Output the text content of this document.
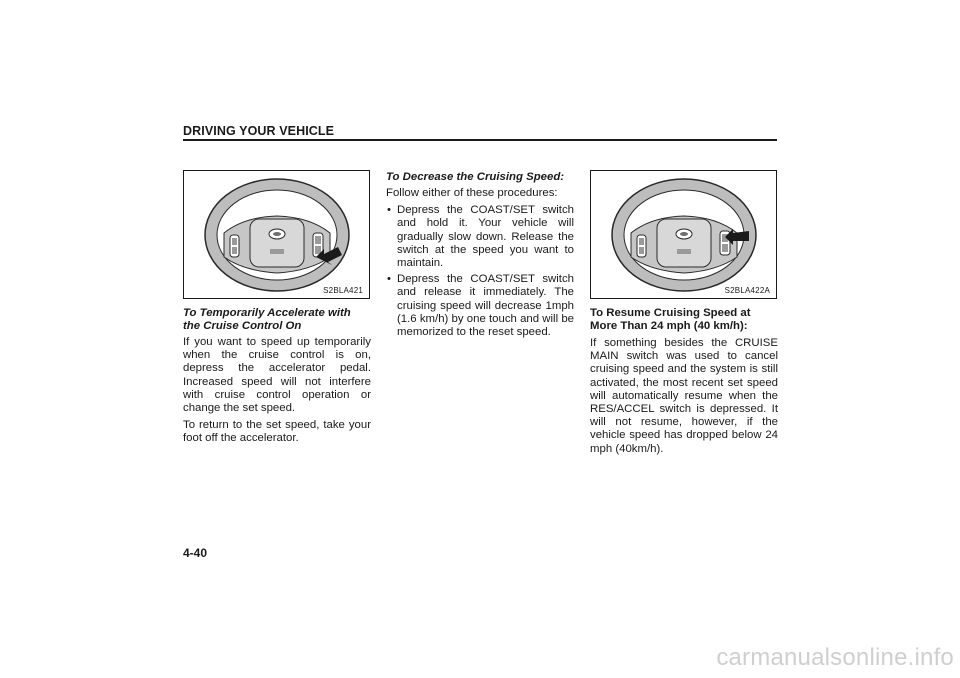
DRIVING YOUR VEHICLE
S2BLA421	S2BLA422A
To Temporarily Accelerate with
the Cruise Control On

If you want to speed up temporarily when the cruise control is on, depress the accelerator pedal. Increased speed will not interfere with cruise control operation or change the set speed.

To return to the set speed, take your foot off the accelerator.

To Decrease the Cruising Speed:

Follow either of these procedures:

• Depress the COAST/SET switch and hold it. Your vehicle will gradually slow down. Release the switch at the speed you want to maintain.
• Depress the COAST/SET switch and release it immediately. The cruising speed will decrease 1mph (1.6 km/h) by one touch and will be memorized to the reset speed.
To Resume Cruising Speed at
More Than 24 mph (40 km/h):

If something besides the CRUISE MAIN switch was used to cancel cruising speed and the system is still activated, the most recent set speed will automatically resume when the RES/ACCEL switch is depressed. It will not resume, however, if the vehicle speed has dropped below 24 mph (40km/h).

4-40
carmanualsonline.info
